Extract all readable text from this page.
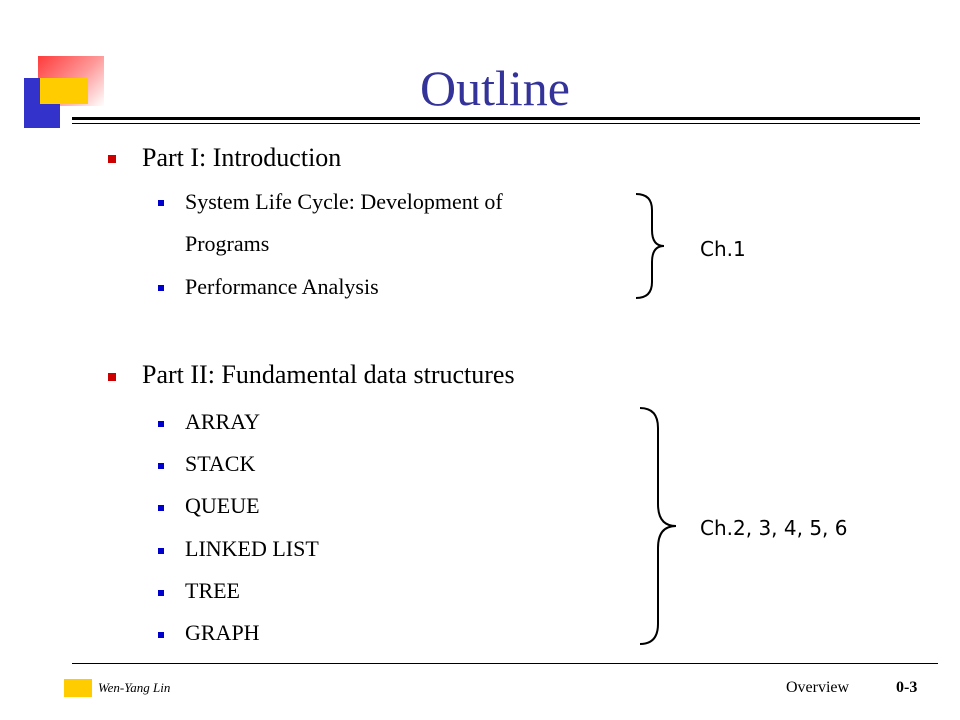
Outline
Part I: Introduction
System Life Cycle: Development of
Programs
Performance Analysis
Ch.1
Part II: Fundamental data structures
ARRAY
STACK
QUEUE
LINKED LIST
TREE
GRAPH
Ch.2, 3, 4, 5, 6
Wen-Yang Lin	Overview	0-3
